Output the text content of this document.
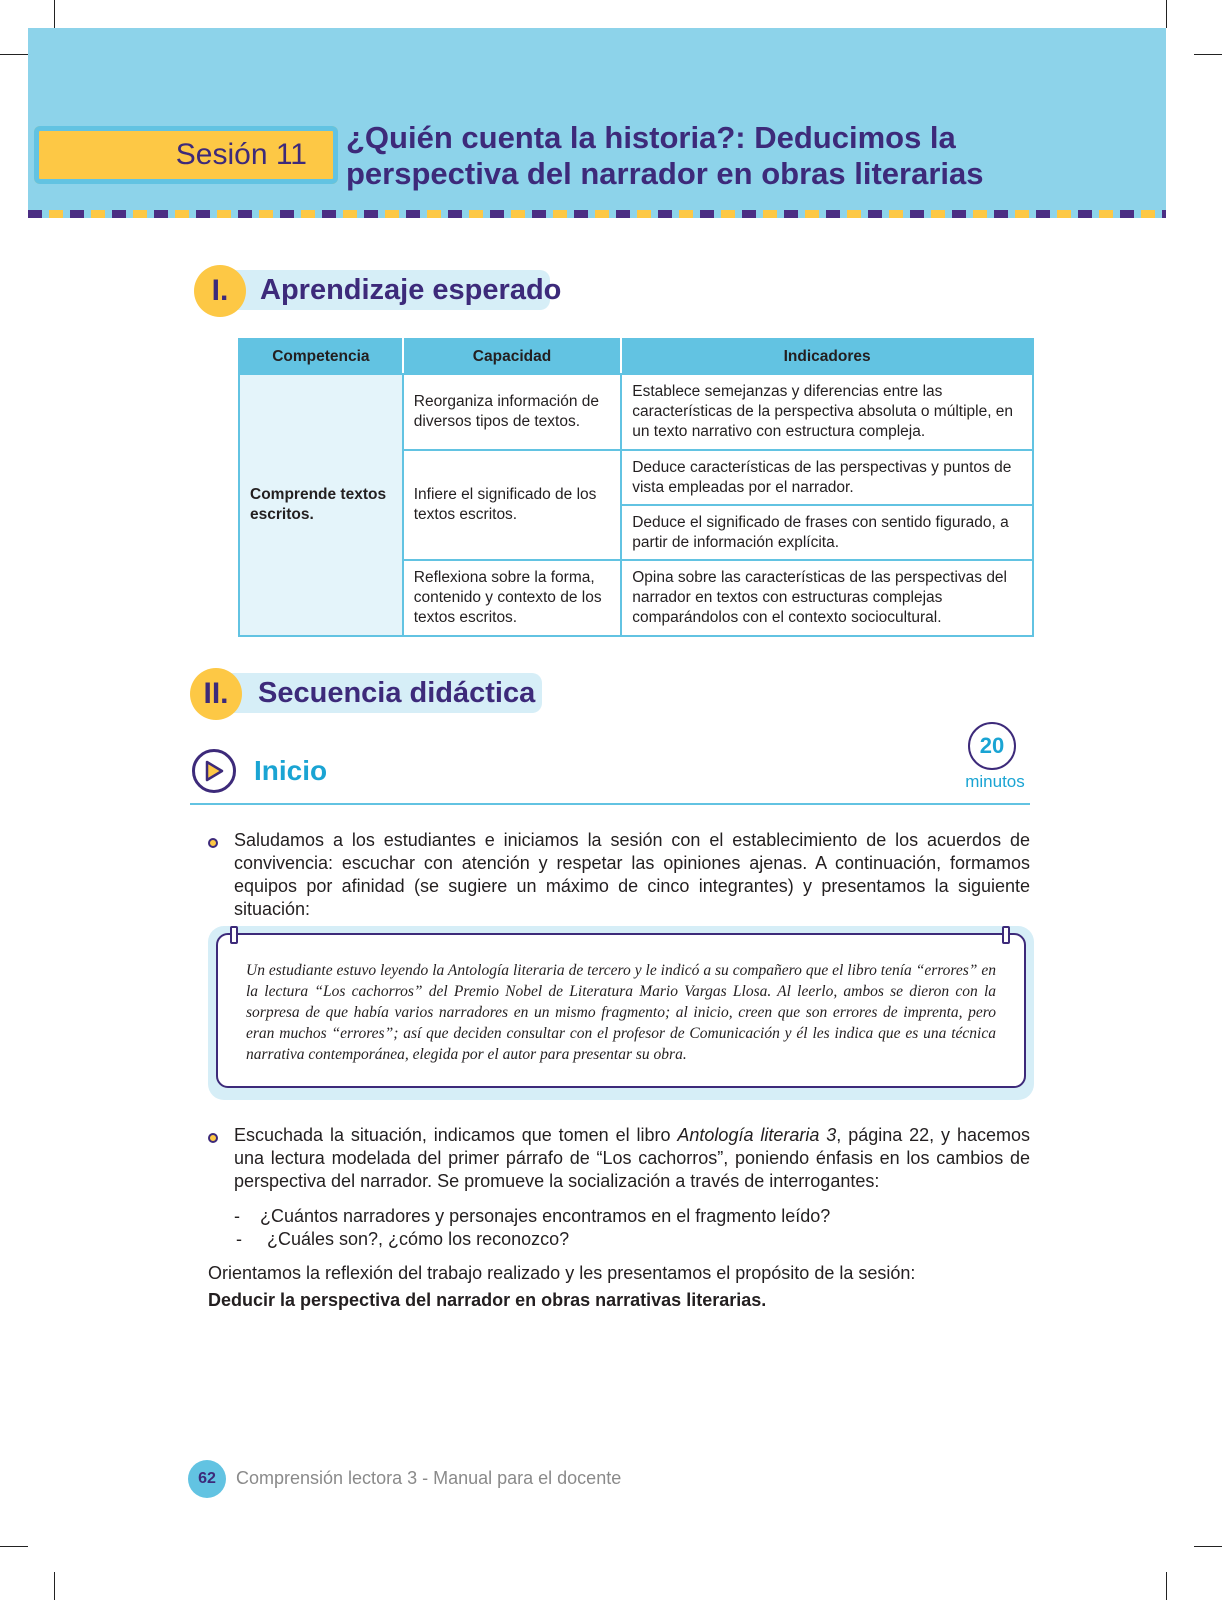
Sesión 11 ¿Quién cuenta la historia?: Deducimos la
perspectiva del narrador en obras literarias
I. Aprendizaje esperado
Competencia	Capacidad	Indicadores
Comprende textos escritos.	Reorganiza información de diversos tipos de textos.	Establece semejanzas y diferencias entre las características de la perspectiva absoluta o múltiple, en un texto narrativo con estructura compleja.
	Infiere el significado de los textos escritos.	Deduce características de las perspectivas y puntos de vista empleadas por el narrador.
		Deduce el significado de frases con sentido figurado, a partir de información explícita.
	Reflexiona sobre la forma, contenido y contexto de los textos escritos.	Opina sobre las características de las perspectivas del narrador en textos con estructuras complejas comparándolos con el contexto sociocultural.
II. Secuencia didáctica
Inicio
20
minutos
Saludamos a los estudiantes e iniciamos la sesión con el establecimiento de los acuerdos de convivencia: escuchar con atención y respetar las opiniones ajenas. A continuación, formamos equipos por afinidad (se sugiere un máximo de cinco integrantes) y presentamos la siguiente situación:
Un estudiante estuvo leyendo la Antología literaria de tercero y le indicó a su compañero que el libro tenía “errores” en la lectura “Los cachorros” del Premio Nobel de Literatura Mario Vargas Llosa. Al leerlo, ambos se dieron con la sorpresa de que había varios narradores en un mismo fragmento; al inicio, creen que son errores de imprenta, pero eran muchos “errores”; así que deciden consultar con el profesor de Comunicación y él les indica que es una técnica narrativa contemporánea, elegida por el autor para presentar su obra.
Escuchada la situación, indicamos que tomen el libro Antología literaria 3, página 22, y hacemos una lectura modelada del primer párrafo de “Los cachorros”, poniendo énfasis en los cambios de perspectiva del narrador. Se promueve la socialización a través de interrogantes:
-    ¿Cuántos narradores y personajes encontramos en el fragmento leído?
-     ¿Cuáles son?, ¿cómo los reconozco?
Orientamos la reflexión del trabajo realizado y les presentamos el propósito de la sesión:
Deducir la perspectiva del narrador en obras narrativas literarias.
62 Comprensión lectora 3 - Manual para el docente
